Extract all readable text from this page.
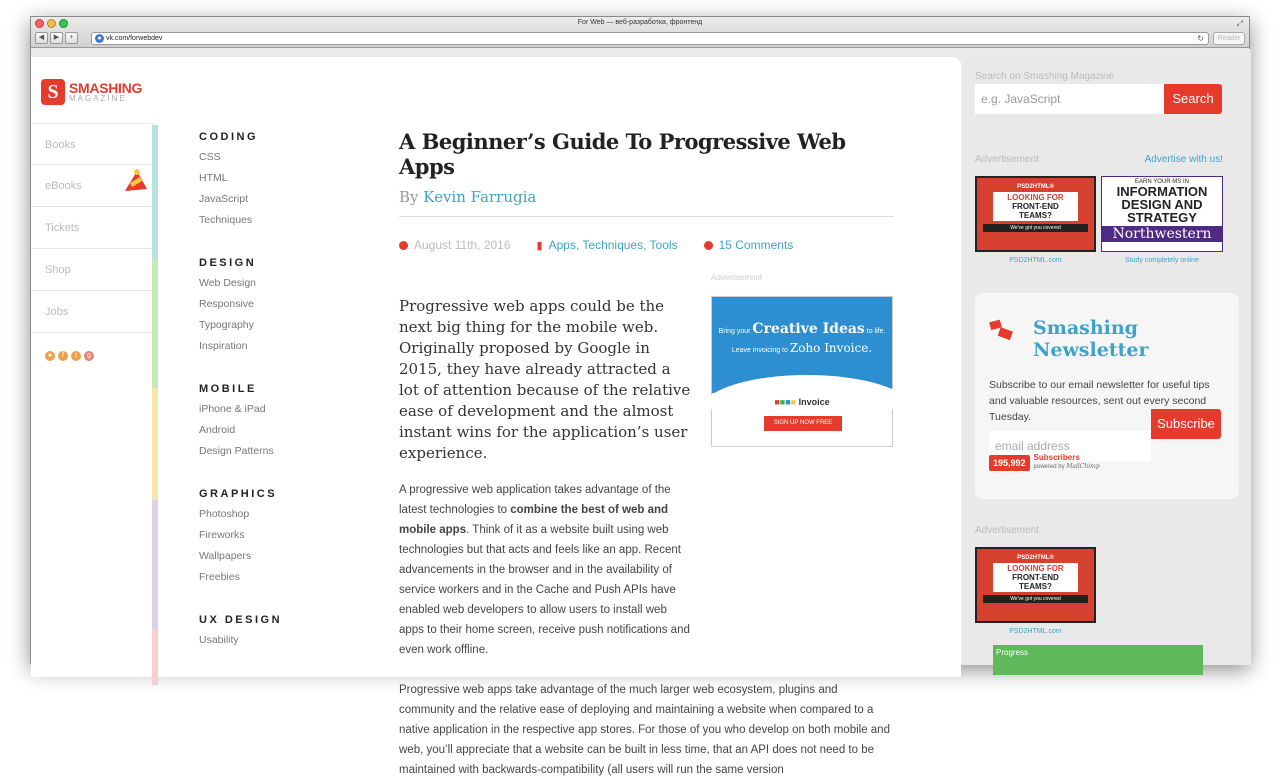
For Web — веб-разработка, фронтенд	⤢
◀	▶	+	● vk.com/forwebdev	↻	Reader
S SMASHING
MAGAZINE
Books
eBooks
Tickets
Shop
Jobs
●	f	t	g
CODING
CSS
HTML
JavaScript
Techniques
DESIGN
Web Design
Responsive
Typography
Inspiration
MOBILE
iPhone & iPad
Android
Design Patterns
GRAPHICS
Photoshop
Fireworks
Wallpapers
Freebies
UX DESIGN
Usability
A Beginner’s Guide To Progressive Web Apps
By Kevin Farrugia
August 11th, 2016 ▮ Apps, Techniques, Tools	15 Comments

Progressive web apps could be the next big thing for the mobile web. Originally proposed by Google in 2015, they have already attracted a lot of attention because of the relative ease of development and the almost instant wins for the application’s user experience.

A progressive web application takes advantage of the latest technologies to combine the best of web and mobile apps. Think of it as a website built using web technologies but that acts and feels like an app. Recent advancements in the browser and in the availability of service workers and in the Cache and Push APIs have enabled web developers to allow users to install web apps to their home screen, receive push notifications and even work offline.

Progressive web apps take advantage of the much larger web ecosystem, plugins and community and the relative ease of deploying and maintaining a website when compared to a native application in the respective app stores. For those of you who develop on both mobile and web, you’ll appreciate that a website can be built in less time, that an API does not need to be maintained with backwards-compatibility (all users will run the same version

Advertisement
Bring your Creative Ideas to life.
Leave invoicing to Zoho Invoice.
■■■■ Invoice
SIGN UP NOW FREE
Search on Smashing Magazine
e.g. JavaScript	Search
Advertisement	Advertise with us!
PSD2HTML®
LOOKING FOR
FRONT-END
TEAMS?
We've got you covered
PSD2HTML.com
EARN YOUR MS IN
INFORMATION
DESIGN AND
STRATEGY
Northwestern
Study completely online
Smashing Newsletter
Subscribe to our email newsletter for useful tips and valuable resources, sent out every second Tuesday.
email address
Subscribe
195,992	Subscribers
powered by MailChimp
Advertisement
PSD2HTML®
LOOKING FOR
FRONT-END
TEAMS?
We've got you covered
PSD2HTML.com
Progress
